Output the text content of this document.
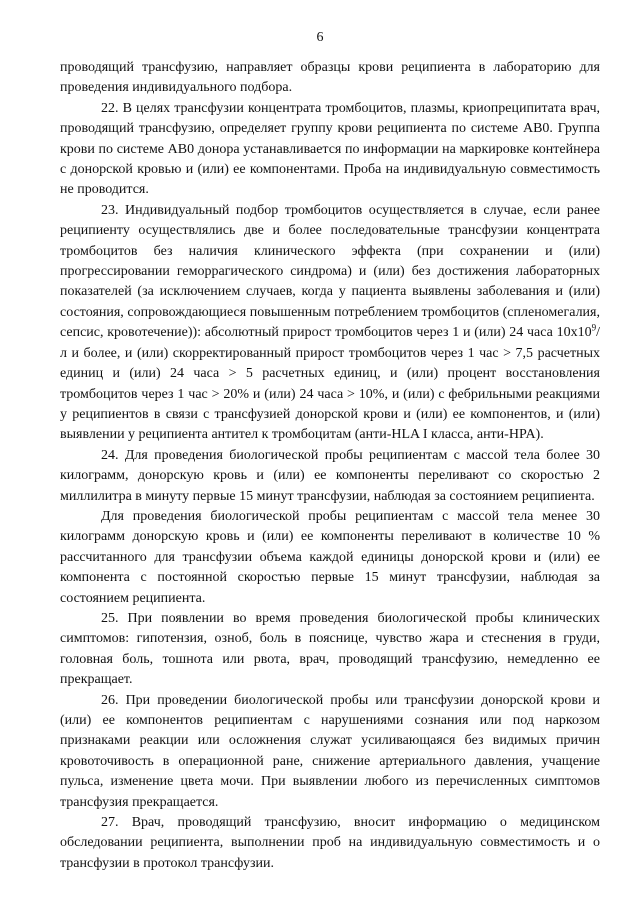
6

проводящий трансфузию, направляет образцы крови реципиента в лабораторию для проведения индивидуального подбора.

22. В целях трансфузии концентрата тромбоцитов, плазмы, криопреципитата врач, проводящий трансфузию, определяет группу крови реципиента по системе AB0. Группа крови по системе AB0 донора устанавливается по информации на маркировке контейнера с донорской кровью и (или) ее компонентами. Проба на индивидуальную совместимость не проводится.

23. Индивидуальный подбор тромбоцитов осуществляется в случае, если ранее реципиенту осуществлялись две и более последовательные трансфузии концентрата тромбоцитов без наличия клинического эффекта (при сохранении и (или) прогрессировании геморрагического синдрома) и (или) без достижения лабораторных показателей (за исключением случаев, когда у пациента выявлены заболевания и (или) состояния, сопровождающиеся повышенным потреблением тромбоцитов (спленомегалия, сепсис, кровотечение)): абсолютный прирост тромбоцитов через 1 и (или) 24 часа $10x10^9/л$ и более, и (или) скорректированный прирост тромбоцитов через 1 час > 7,5 расчетных единиц и (или) 24 часа > 5 расчетных единиц, и (или) процент восстановления тромбоцитов через 1 час > 20% и (или) 24 часа > 10%, и (или) с фебрильными реакциями у реципиентов в связи с трансфузией донорской крови и (или) ее компонентов, и (или) выявлении у реципиента антител к тромбоцитам (анти-HLA I класса, анти-HPA).

24. Для проведения биологической пробы реципиентам с массой тела более 30 килограмм, донорскую кровь и (или) ее компоненты переливают со скоростью 2 миллилитра в минуту первые 15 минут трансфузии, наблюдая за состоянием реципиента.

Для проведения биологической пробы реципиентам с массой тела менее 30 килограмм донорскую кровь и (или) ее компоненты переливают в количестве 10 % рассчитанного для трансфузии объема каждой единицы донорской крови и (или) ее компонента с постоянной скоростью первые 15 минут трансфузии, наблюдая за состоянием реципиента.

25. При появлении во время проведения биологической пробы клинических симптомов: гипотензия, озноб, боль в пояснице, чувство жара и стеснения в груди, головная боль, тошнота или рвота, врач, проводящий трансфузию, немедленно ее прекращает.

26. При проведении биологической пробы или трансфузии донорской крови и (или) ее компонентов реципиентам с нарушениями сознания или под наркозом признаками реакции или осложнения служат усиливающаяся без видимых причин кровоточивость в операционной ране, снижение артериального давления, учащение пульса, изменение цвета мочи. При выявлении любого из перечисленных симптомов трансфузия прекращается.

27. Врач, проводящий трансфузию, вносит информацию о медицинском обследовании реципиента, выполнении проб на индивидуальную совместимость и о трансфузии в протокол трансфузии.
